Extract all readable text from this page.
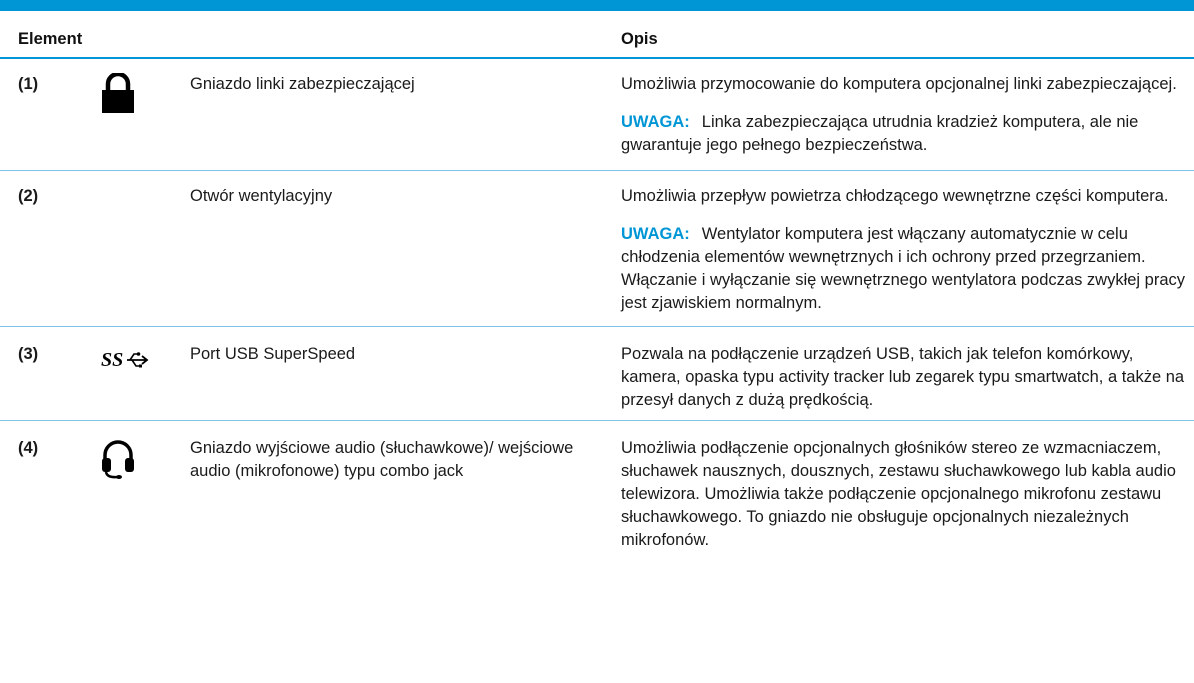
Element			Opis
(1)		Gniazdo linki zabezpieczającej	Umożliwia przymocowanie do komputera opcjonalnej linki zabezpieczającej.
UWAGA: Linka zabezpieczająca utrudnia kradzież komputera, ale nie gwarantuje jego pełnego bezpieczeństwa.

(2)		Otwór wentylacyjny	Umożliwia przepływ powietrza chłodzącego wewnętrzne części komputera.
UWAGA: Wentylator komputera jest włączany automatycznie w celu chłodzenia elementów wewnętrznych i ich ochrony przed przegrzaniem. Włączanie i wyłączanie się wewnętrznego wentylatora podczas zwykłej pracy jest zjawiskiem normalnym.

(3)	SS	Port USB SuperSpeed	Pozwala na podłączenie urządzeń USB, takich jak telefon komórkowy, kamera, opaska typu activity tracker lub zegarek typu smartwatch, a także na przesył danych z dużą prędkością.
(4)		Gniazdo wyjściowe audio (słuchawkowe)/ wejściowe audio (mikrofonowe) typu combo jack	Umożliwia podłączenie opcjonalnych głośników stereo ze wzmacniaczem, słuchawek nausznych, dousznych, zestawu słuchawkowego lub kabla audio telewizora. Umożliwia także podłączenie opcjonalnego mikrofonu zestawu słuchawkowego. To gniazdo nie obsługuje opcjonalnych niezależnych mikrofonów.
